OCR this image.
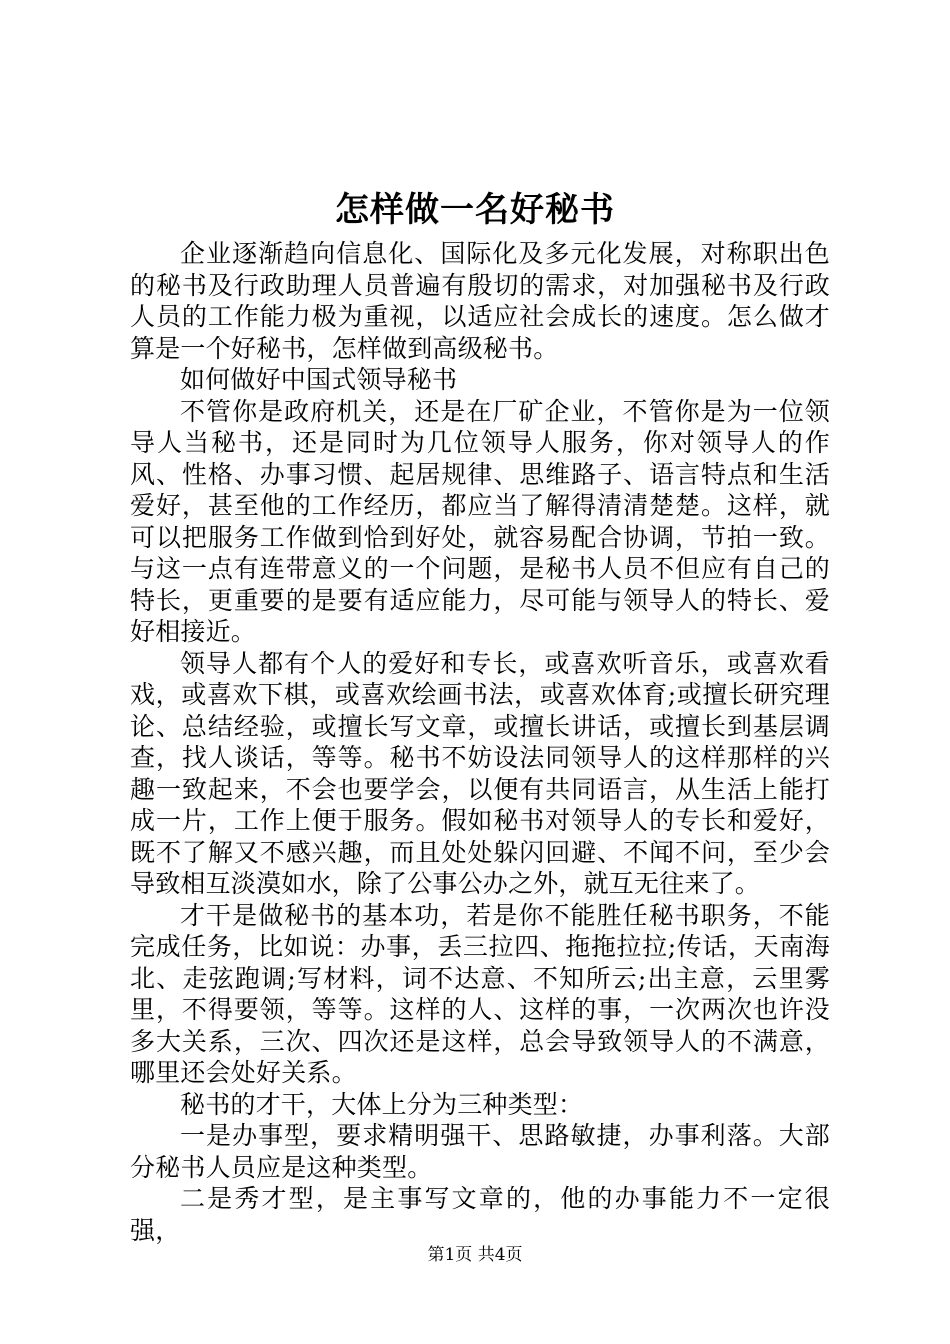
怎样做一名好秘书

企业逐渐趋向信息化、国际化及多元化发展，对称职出色的秘书及行政助理人员普遍有殷切的需求，对加强秘书及行政人员的工作能力极为重视，以适应社会成长的速度。怎么做才算是一个好秘书，怎样做到高级秘书。

如何做好中国式领导秘书

不管你是政府机关，还是在厂矿企业，不管你是为一位领导人当秘书，还是同时为几位领导人服务，你对领导人的作风、性格、办事习惯、起居规律、思维路子、语言特点和生活爱好，甚至他的工作经历，都应当了解得清清楚楚。这样，就可以把服务工作做到恰到好处，就容易配合协调，节拍一致。与这一点有连带意义的一个问题，是秘书人员不但应有自己的特长，更重要的是要有适应能力，尽可能与领导人的特长、爱好相接近。

领导人都有个人的爱好和专长，或喜欢听音乐，或喜欢看戏，或喜欢下棋，或喜欢绘画书法，或喜欢体育;或擅长研究理论、总结经验，或擅长写文章，或擅长讲话，或擅长到基层调查，找人谈话，等等。秘书不妨设法同领导人的这样那样的兴趣一致起来，不会也要学会，以便有共同语言，从生活上能打成一片，工作上便于服务。假如秘书对领导人的专长和爱好，既不了解又不感兴趣，而且处处躲闪回避、不闻不问，至少会导致相互淡漠如水，除了公事公办之外，就互无往来了。

才干是做秘书的基本功，若是你不能胜任秘书职务，不能完成任务，比如说：办事，丢三拉四、拖拖拉拉;传话，天南海北、走弦跑调;写材料，词不达意、不知所云;出主意，云里雾里，不得要领，等等。这样的人、这样的事，一次两次也许没多大关系，三次、四次还是这样，总会导致领导人的不满意，哪里还会处好关系。

秘书的才干，大体上分为三种类型：

一是办事型，要求精明强干、思路敏捷，办事利落。大部分秘书人员应是这种类型。

二是秀才型，是主事写文章的，他的办事能力不一定很强，

第1页 共4页
